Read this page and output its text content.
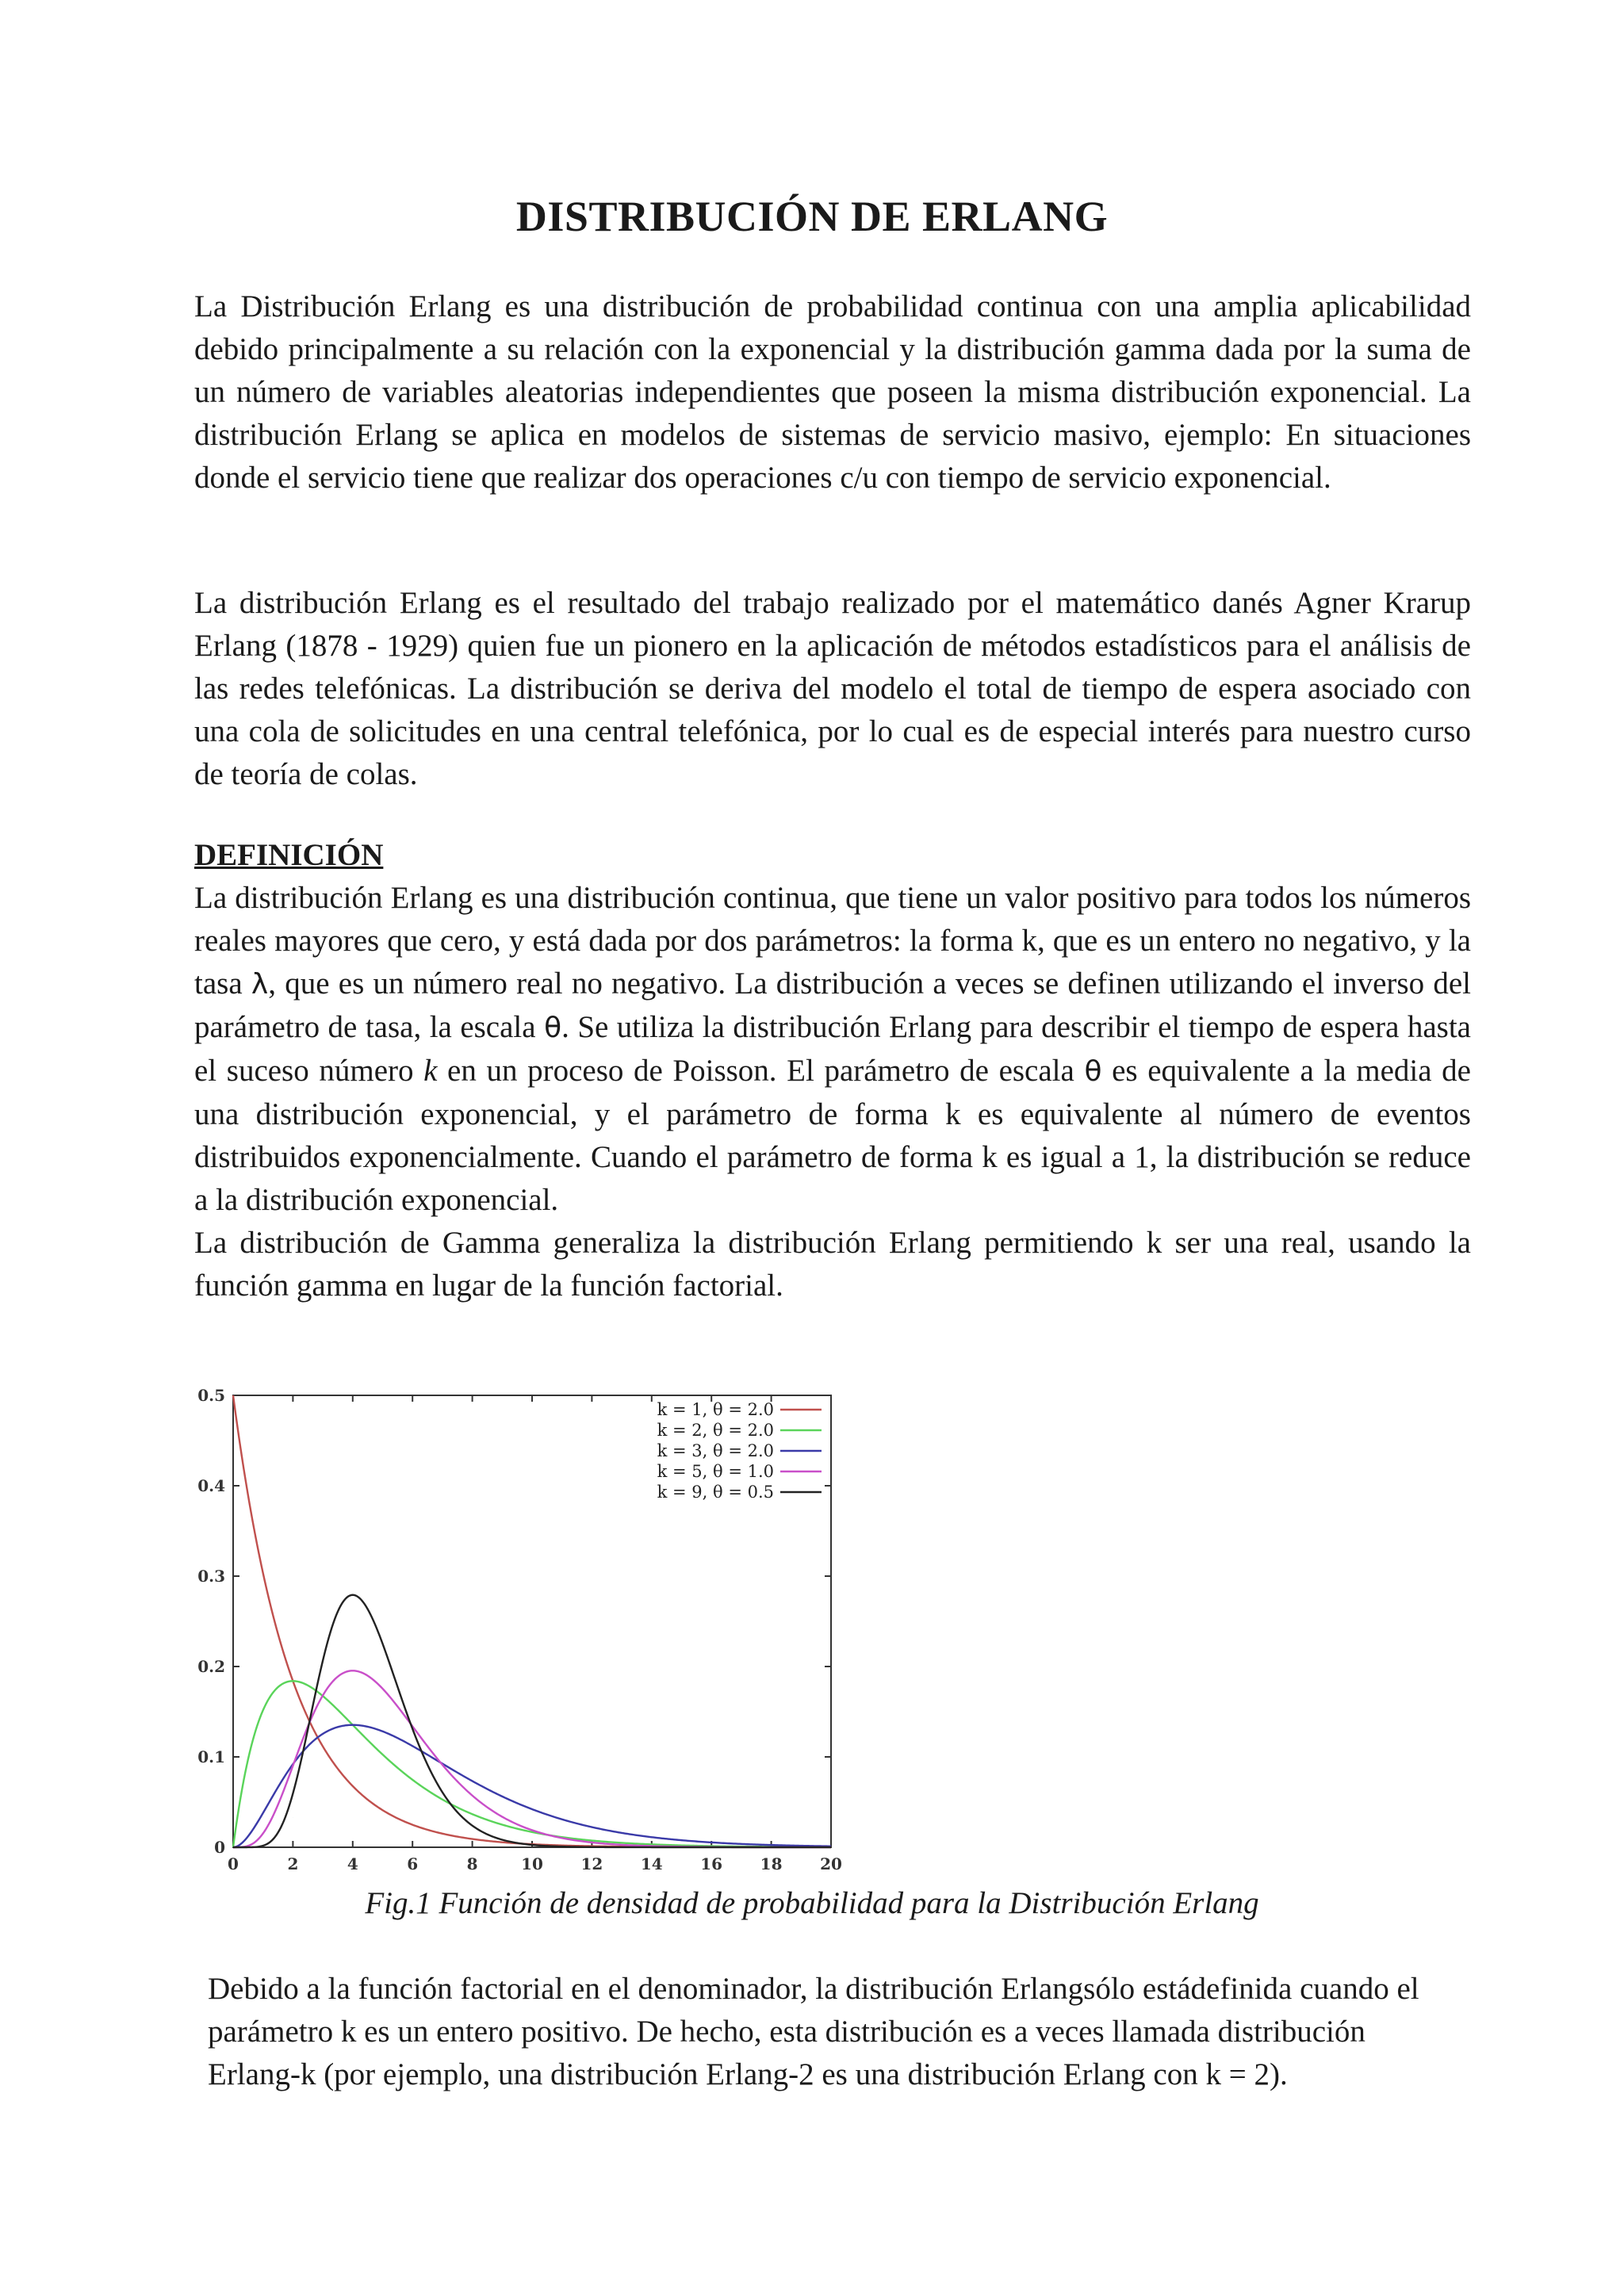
DISTRIBUCIÓN DE ERLANG

La Distribución Erlang es una distribución de probabilidad continua con una amplia aplicabilidad debido principalmente a su relación con la exponencial y la distribución gamma dada por la suma de un número de variables aleatorias independientes que poseen la misma distribución exponencial. La distribución Erlang se aplica en modelos de sistemas de servicio masivo, ejemplo: En situaciones donde el servicio tiene que realizar dos operaciones c/u con tiempo de servicio exponencial.

La distribución Erlang es el resultado del trabajo realizado por el matemático danés Agner Krarup Erlang (1878 - 1929) quien fue un pionero en la aplicación de métodos estadísticos para el análisis de las redes telefónicas. La distribución se deriva del modelo el total de tiempo de espera asociado con una cola de solicitudes en una central telefónica, por lo cual es de especial interés para nuestro curso de teoría de colas.

DEFINICIÓN

La distribución Erlang es una distribución continua, que tiene un valor positivo para todos los números reales mayores que cero, y está dada por dos parámetros: la forma k, que es un entero no negativo, y la tasa λ, que es un número real no negativo. La distribución a veces se definen utilizando el inverso del parámetro de tasa, la escala θ. Se utiliza la distribución Erlang para describir el tiempo de espera hasta el suceso número k en un proceso de Poisson. El parámetro de escala θ es equivalente a la media de una distribución exponencial, y el parámetro de forma k es equivalente al número de eventos distribuidos exponencialmente. Cuando el parámetro de forma k es igual a 1, la distribución se reduce a la distribución exponencial.
La distribución de Gamma generaliza la distribución Erlang permitiendo k ser una real, usando la función gamma en lugar de la función factorial.

0	2	4	6	8	10 12 14 16 18 20
0
0.1
0.2
0.3
0.4
0.5
k = 1, θ = 2.0
k = 2, θ = 2.0
k = 3, θ = 2.0
k = 5, θ = 1.0
k = 9, θ = 0.5

Fig.1 Función de densidad de probabilidad para la Distribución Erlang

Debido a la función factorial en el denominador, la distribución Erlangsólo estádefinida cuando el parámetro k es un entero positivo. De hecho, esta distribución es a veces llamada distribución Erlang-k (por ejemplo, una distribución Erlang-2 es una distribución Erlang con k = 2).
